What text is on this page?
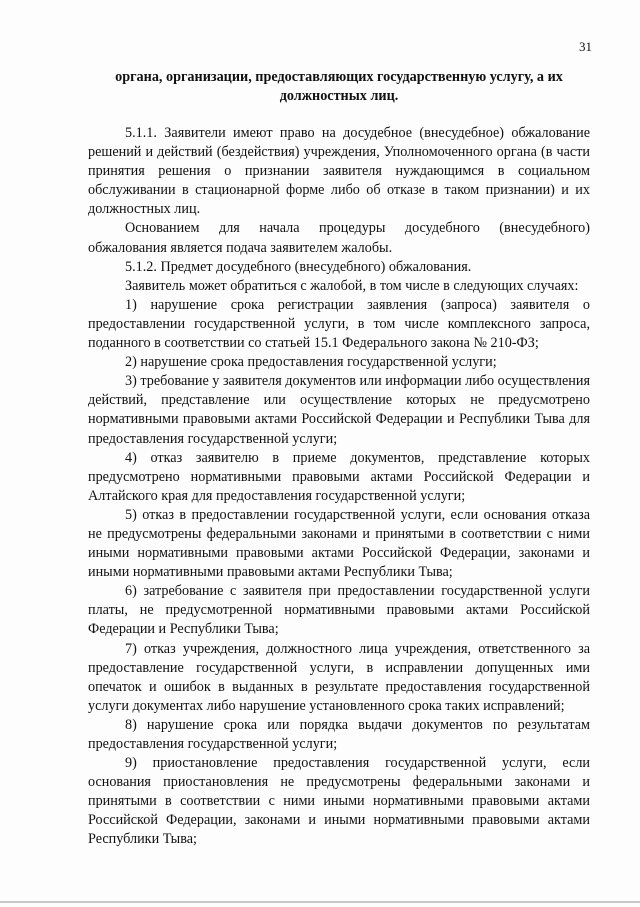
31
органа, организации, предоставляющих государственную услугу, а их должностных лиц.

5.1.1. Заявители имеют право на досудебное (внесудебное) обжалование решений и действий (бездействия) учреждения, Уполномоченного органа (в части принятия решения о признании заявителя нуждающимся в социальном обслуживании в стационарной форме либо об отказе в таком признании) и их должностных лиц.

Основанием для начала процедуры досудебного (внесудебного) обжалования является подача заявителем жалобы.

5.1.2. Предмет досудебного (внесудебного) обжалования.

Заявитель может обратиться с жалобой, в том числе в следующих случаях:

1) нарушение срока регистрации заявления (запроса) заявителя о предоставлении государственной услуги, в том числе комплексного запроса, поданного в соответствии со статьей 15.1 Федерального закона № 210-ФЗ;

2) нарушение срока предоставления государственной услуги;

3) требование у заявителя документов или информации либо осуществления действий, представление или осуществление которых не предусмотрено нормативными правовыми актами Российской Федерации и Республики Тыва для предоставления государственной услуги;

4) отказ заявителю в приеме документов, представление которых предусмотрено нормативными правовыми актами Российской Федерации и Алтайского края для предоставления государственной услуги;

5) отказ в предоставлении государственной услуги, если основания отказа не предусмотрены федеральными законами и принятыми в соответствии с ними иными нормативными правовыми актами Российской Федерации, законами и иными нормативными правовыми актами Республики Тыва;

6) затребование с заявителя при предоставлении государственной услуги платы, не предусмотренной нормативными правовыми актами Российской Федерации и Республики Тыва;

7) отказ учреждения, должностного лица учреждения, ответственного за предоставление государственной услуги, в исправлении допущенных ими опечаток и ошибок в выданных в результате предоставления государственной услуги документах либо нарушение установленного срока таких исправлений;

8) нарушение срока или порядка выдачи документов по результатам предоставления государственной услуги;

9) приостановление предоставления государственной услуги, если основания приостановления не предусмотрены федеральными законами и принятыми в соответствии с ними иными нормативными правовыми актами Российской Федерации, законами и иными нормативными правовыми актами Республики Тыва;
